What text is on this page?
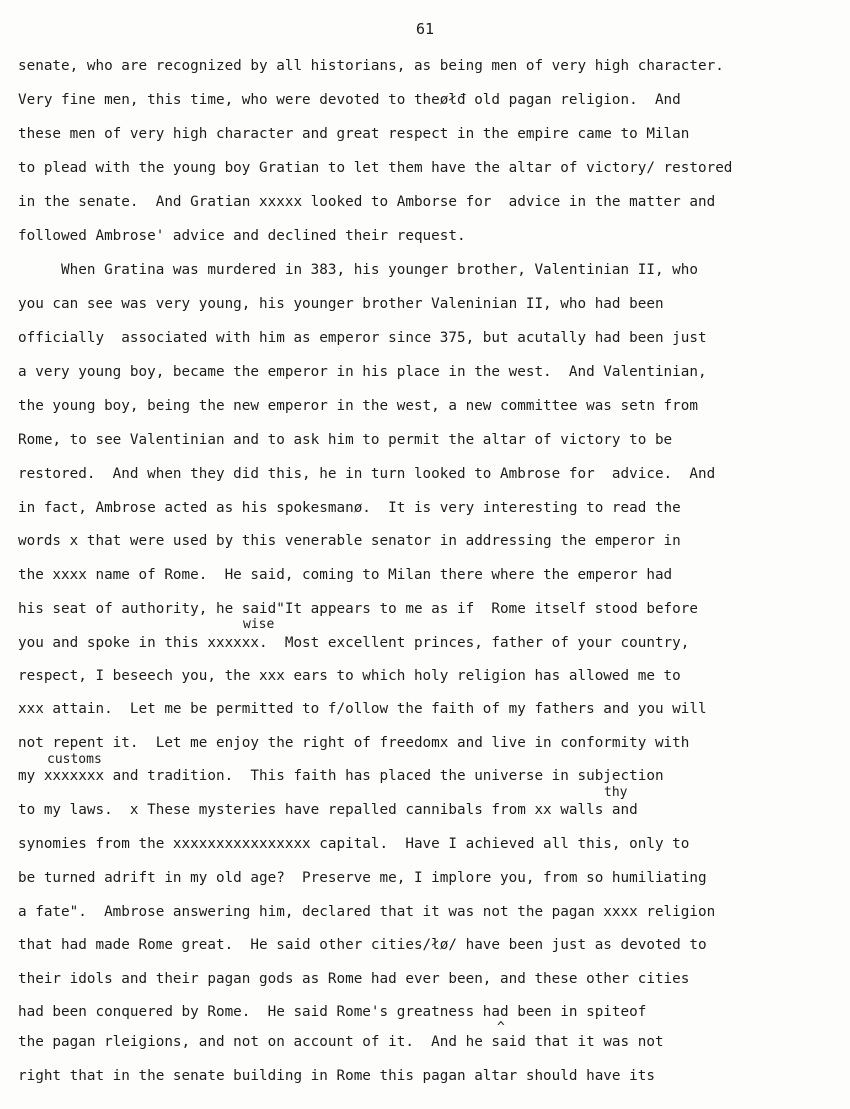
61
senate, who are recognized by all historians, as being men of very high character.
Very fine men, this time, who were devoted to theøłđ old pagan religion.  And
these men of very high character and great respect in the empire came to Milan
to plead with the young boy Gratian to let them have the altar of victory/ restored
in the senate.  And Gratian xxxxx looked to Amborse for  advice in the matter and
followed Ambrose' advice and declined their request.
When Gratina was murdered in 383, his younger brother, Valentinian II, who
you can see was very young, his younger brother Valeninian II, who had been
officially  associated with him as emperor since 375, but acutally had been just
a very young boy, became the emperor in his place in the west.  And Valentinian,
the young boy, being the new emperor in the west, a new committee was setn from
Rome, to see Valentinian and to ask him to permit the altar of victory to be
restored.  And when they did this, he in turn looked to Ambrose for  advice.  And
in fact, Ambrose acted as his spokesmanø.  It is very interesting to read the
words x that were used by this venerable senator in addressing the emperor in
the xxxx name of Rome.  He said, coming to Milan there where the emperor had
his seat of authority, he said"It appears to me as if  Rome itself stood before
wise
you and spoke in this xxxxxx.  Most excellent princes, father of your country,
respect, I beseech you, the xxx ears to which holy religion has allowed me to
xxx attain.  Let me be permitted to f/ollow the faith of my fathers and you will
customs
not repent it.  Let me enjoy the right of freedomx and live in conformity with
my xxxxxxx and tradition.  This faith has placed the universe in subjection
thy
to my laws.  x These mysteries have repalled cannibals from xx walls and
synomies from the xxxxxxxxxxxxxxxx capital.  Have I achieved all this, only to
be turned adrift in my old age?  Preserve me, I implore you, from so humiliating
a fate".  Ambrose answering him, declared that it was not the pagan xxxx religion
that had made Rome great.  He said other cities/łø/ have been just as devoted to
their idols and their pagan gods as Rome had ever been, and these other cities
had been conquered by Rome.  He said Rome's greatness had been in spiteof
^
the pagan rleigions, and not on account of it.  And he said that it was not
right that in the senate building in Rome this pagan altar should have its
